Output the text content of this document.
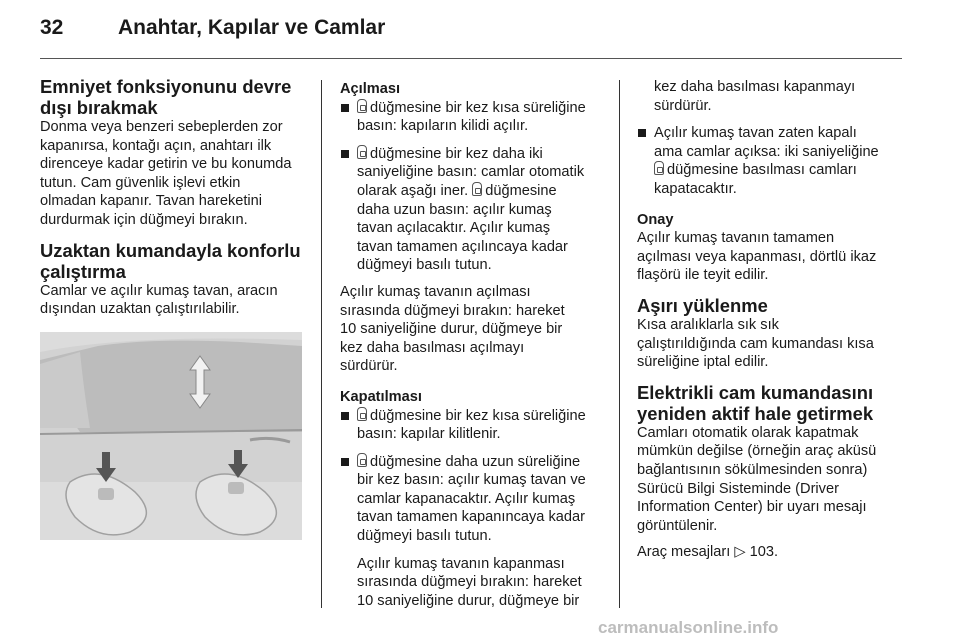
32	Anahtar, Kapılar ve Camlar
Emniyet fonksiyonunu devre
dışı bırakmak

Donma veya benzeri sebeplerden zor
kapanırsa, kontağı açın, anahtarı ilk
direnceye kadar getirin ve bu konumda
tutun. Cam güvenlik işlevi etkin
olmadan kapanır. Tavan hareketini
durdurmak için düğmeyi bırakın.

Uzaktan kumandayla konforlu
çalıştırma

Camlar ve açılır kumaş tavan, aracın
dışından uzaktan çalıştırılabilir.

Açılması
düğmesine bir kez kısa süreliğine
basın: kapıların kilidi açılır.
düğmesine bir kez daha iki
saniyeliğine basın: camlar otomatik
olarak aşağı iner. düğmesine
daha uzun basın: açılır kumaş
tavan açılacaktır. Açılır kumaş
tavan tamamen açılıncaya kadar
düğmeyi basılı tutun.

Açılır kumaş tavanın açılması
sırasında düğmeyi bırakın: hareket
10 saniyeliğine durur, düğmeye bir
kez daha basılması açılmayı
sürdürür.

Kapatılması
düğmesine bir kez kısa süreliğine
basın: kapılar kilitlenir.
düğmesine daha uzun süreliğine
bir kez basın: açılır kumaş tavan ve
camlar kapanacaktır. Açılır kumaş
tavan tamamen kapanıncaya kadar
düğmeyi basılı tutun.
Açılır kumaş tavanın kapanması
sırasında düğmeyi bırakın: hareket
10 saniyeliğine durur, düğmeye bir
kez daha basılması kapanmayı
sürdürür.
Açılır kumaş tavan zaten kapalı
ama camlar açıksa: iki saniyeliğine
düğmesine basılması camları
kapatacaktır.
Onay

Açılır kumaş tavanın tamamen
açılması veya kapanması, dörtlü ikaz
flaşörü ile teyit edilir.

Aşırı yüklenme

Kısa aralıklarla sık sık
çalıştırıldığında cam kumandası kısa
süreliğine iptal edilir.

Elektrikli cam kumandasını
yeniden aktif hale getirmek

Camları otomatik olarak kapatmak
mümkün değilse (örneğin araç aküsü
bağlantısının sökülmesinden sonra)
Sürücü Bilgi Sisteminde (Driver
Information Center) bir uyarı mesajı
görüntülenir.

Araç mesajları ▷ 103.

carmanualsonline.info
